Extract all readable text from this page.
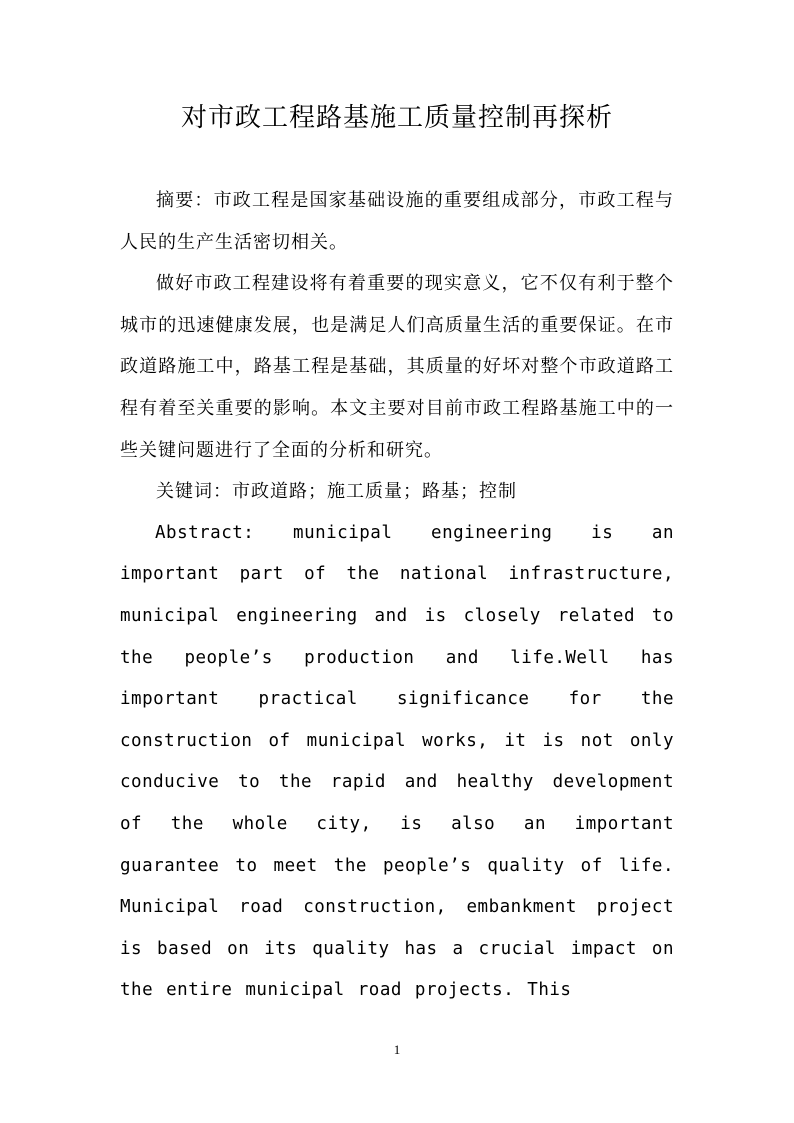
对市政工程路基施工质量控制再探析

摘要：市政工程是国家基础设施的重要组成部分，市政工程与人民的生产生活密切相关。

做好市政工程建设将有着重要的现实意义，它不仅有利于整个城市的迅速健康发展，也是满足人们高质量生活的重要保证。在市政道路施工中，路基工程是基础，其质量的好坏对整个市政道路工程有着至关重要的影响。本文主要对目前市政工程路基施工中的一些关键问题进行了全面的分析和研究。

关键词：市政道路；施工质量；路基；控制

Abstract: municipal engineering is an important part of the national infrastructure, municipal engineering and is closely related to the people’s production and life.Well has important practical significance for the construction of municipal works, it is not only conducive to the rapid and healthy development of the whole city, is also an important guarantee to meet the people’s quality of life. Municipal road construction, embankment project is based on its quality has a crucial impact on the entire municipal road projects. This

1
